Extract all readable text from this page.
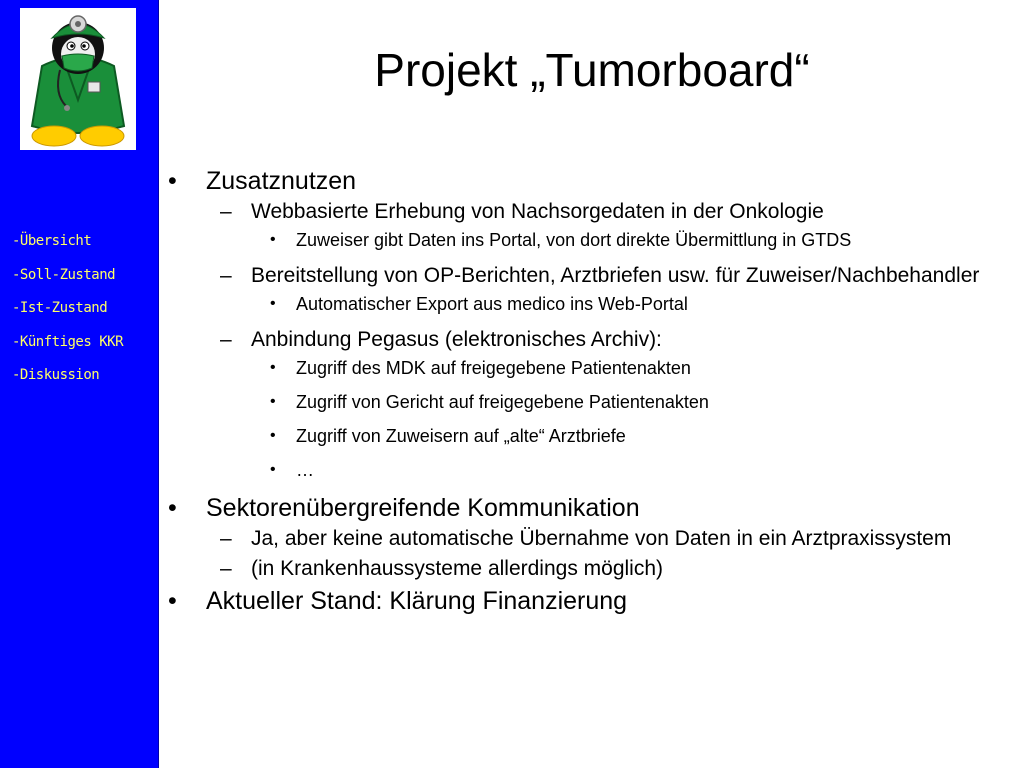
-Übersicht
-Soll-Zustand
-Ist-Zustand
-Künftiges KKR
-Diskussion
Projekt „Tumorboard“
• Zusatznutzen
– Webbasierte Erhebung von Nachsorgedaten in der Onkologie
• Zuweiser gibt Daten ins Portal, von dort direkte Übermittlung in GTDS
– Bereitstellung von OP-Berichten, Arztbriefen usw. für Zuweiser/Nachbehandler
• Automatischer Export aus medico ins Web-Portal
– Anbindung Pegasus (elektronisches Archiv):
• Zugriff des MDK auf freigegebene Patientenakten
• Zugriff von Gericht auf freigegebene Patientenakten
• Zugriff von Zuweisern auf „alte“ Arztbriefe
• …
• Sektorenübergreifende Kommunikation
– Ja, aber keine automatische Übernahme von Daten in ein Arztpraxissystem
– (in Krankenhaussysteme allerdings möglich)
• Aktueller Stand: Klärung Finanzierung
